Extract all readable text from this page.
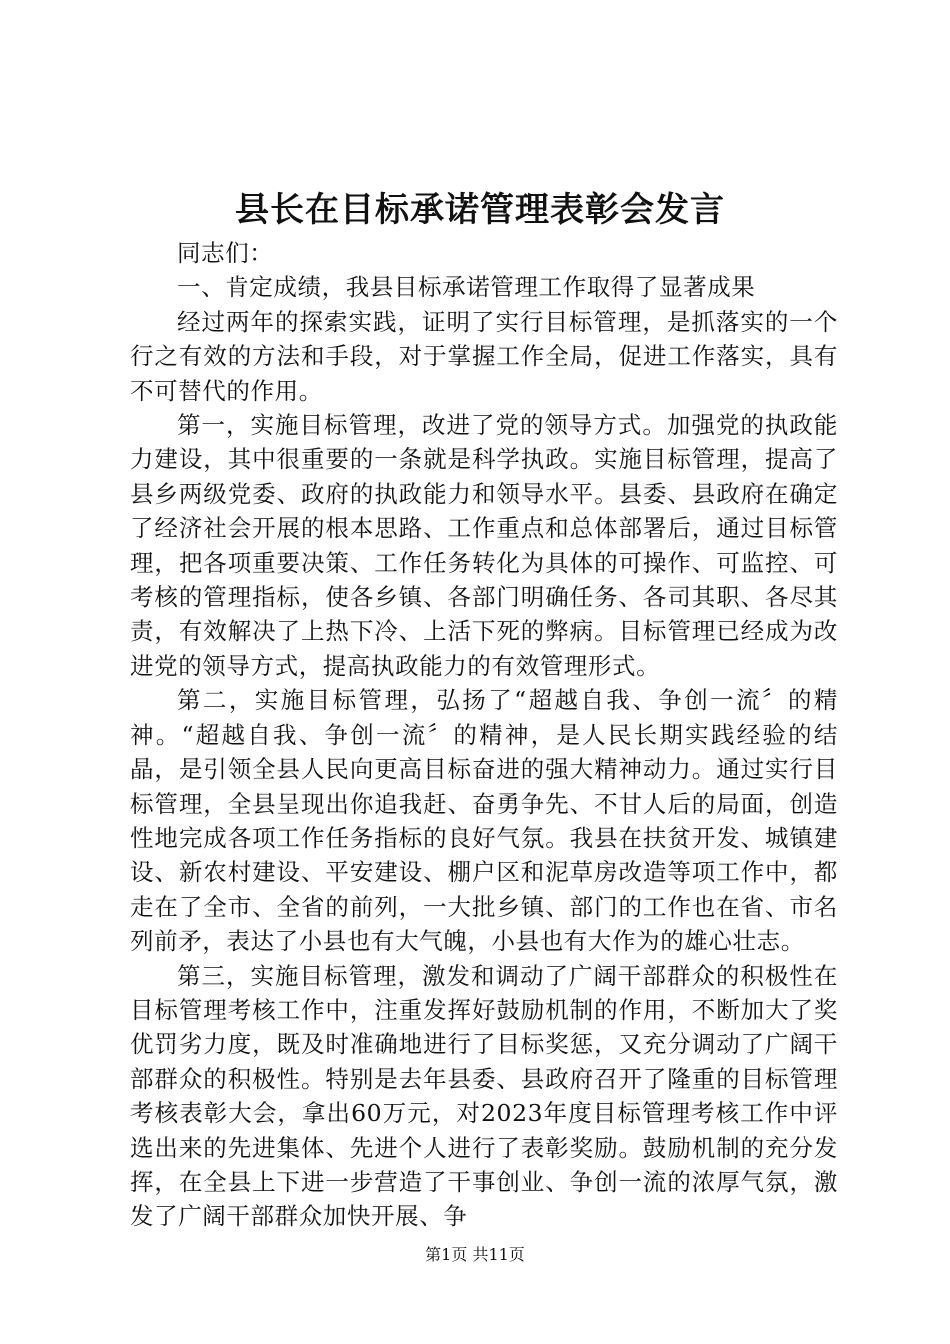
县长在目标承诺管理表彰会发言

同志们：

一、肯定成绩，我县目标承诺管理工作取得了显著成果

经过两年的探索实践，证明了实行目标管理，是抓落实的一个行之有效的方法和手段，对于掌握工作全局，促进工作落实，具有不可替代的作用。

第一，实施目标管理，改进了党的领导方式。加强党的执政能力建设，其中很重要的一条就是科学执政。实施目标管理，提高了县乡两级党委、政府的执政能力和领导水平。县委、县政府在确定了经济社会开展的根本思路、工作重点和总体部署后，通过目标管理，把各项重要决策、工作任务转化为具体的可操作、可监控、可考核的管理指标，使各乡镇、各部门明确任务、各司其职、各尽其责，有效解决了上热下冷、上活下死的弊病。目标管理已经成为改进党的领导方式，提高执政能力的有效管理形式。

第二，实施目标管理，弘扬了“超越自我、争创一流〞的精神。“超越自我、争创一流〞的精神，是人民长期实践经验的结晶，是引领全县人民向更高目标奋进的强大精神动力。通过实行目标管理，全县呈现出你追我赶、奋勇争先、不甘人后的局面，创造性地完成各项工作任务指标的良好气氛。我县在扶贫开发、城镇建设、新农村建设、平安建设、棚户区和泥草房改造等项工作中，都走在了全市、全省的前列，一大批乡镇、部门的工作也在省、市名列前矛，表达了小县也有大气魄，小县也有大作为的雄心壮志。

第三，实施目标管理，激发和调动了广阔干部群众的积极性在目标管理考核工作中，注重发挥好鼓励机制的作用，不断加大了奖优罚劣力度，既及时准确地进行了目标奖惩，又充分调动了广阔干部群众的积极性。特别是去年县委、县政府召开了隆重的目标管理考核表彰大会，拿出60万元，对2023年度目标管理考核工作中评选出来的先进集体、先进个人进行了表彰奖励。鼓励机制的充分发挥，在全县上下进一步营造了干事创业、争创一流的浓厚气氛，激发了广阔干部群众加快开展、争

第1页 共11页
